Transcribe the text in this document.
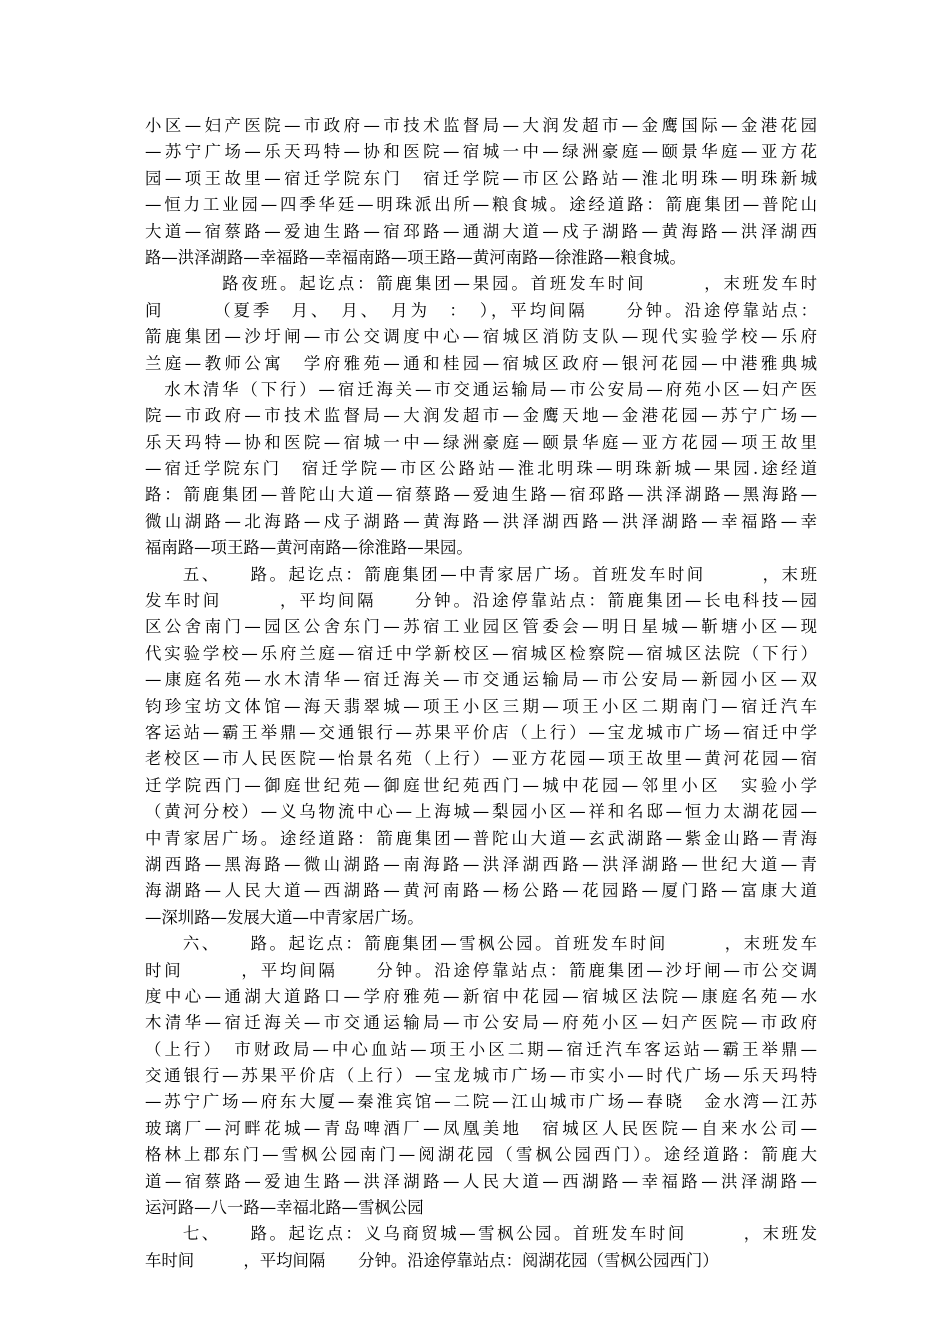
小区—妇产医院—市政府—市技术监督局—大润发超市—金鹰国际—金港花园
—苏宁广场—乐天玛特—协和医院—宿城一中—绿洲豪庭—颐景华庭—亚方花
园—项王故里—宿迁学院东门　宿迁学院—市区公路站—淮北明珠—明珠新城
—恒力工业园—四季华廷—明珠派出所—粮食城。途经道路：箭鹿集团—普陀山
大道—宿蔡路—爱迪生路—宿邳路—通湖大道—戍子湖路—黄海路—洪泽湖西
路—洪泽湖路—幸福路—幸福南路—项王路—黄河南路—徐淮路—粮食城。
　　　　路夜班。起讫点：箭鹿集团—果园。首班发车时间　　　，末班发车时
间　　　（夏季　月、　月、　月为　：　），平均间隔　　分钟。沿途停靠站点：
箭鹿集团—沙圩闸—市公交调度中心—宿城区消防支队—现代实验学校—乐府
兰庭—教师公寓　学府雅苑—通和桂园—宿城区政府—银河花园—中港雅典城
　水木清华（下行）—宿迁海关—市交通运输局—市公安局—府苑小区—妇产医
院—市政府—市技术监督局—大润发超市—金鹰天地—金港花园—苏宁广场—
乐天玛特—协和医院—宿城一中—绿洲豪庭—颐景华庭—亚方花园—项王故里
—宿迁学院东门　宿迁学院—市区公路站—淮北明珠—明珠新城—果园.途经道
路：箭鹿集团—普陀山大道—宿蔡路—爱迪生路—宿邳路—洪泽湖路—黑海路—
微山湖路—北海路—戍子湖路—黄海路—洪泽湖西路—洪泽湖路—幸福路—幸
福南路—项王路—黄河南路—徐淮路—果园。
　　五、　　路。起讫点：箭鹿集团—中青家居广场。首班发车时间　　　，末班
发车时间　　　，平均间隔　　分钟。沿途停靠站点：箭鹿集团—长电科技—园
区公舍南门—园区公舍东门—苏宿工业园区管委会—明日星城—靳塘小区—现
代实验学校—乐府兰庭—宿迁中学新校区—宿城区检察院—宿城区法院（下行）
—康庭名苑—水木清华—宿迁海关—市交通运输局—市公安局—新园小区—双
钧珍宝坊文体馆—海天翡翠城—项王小区三期—项王小区二期南门—宿迁汽车
客运站—霸王举鼎—交通银行—苏果平价店（上行）—宝龙城市广场—宿迁中学
老校区—市人民医院—怡景名苑（上行）—亚方花园—项王故里—黄河花园—宿
迁学院西门—御庭世纪苑—御庭世纪苑西门—城中花园—邻里小区　实验小学
（黄河分校）—义乌物流中心—上海城—梨园小区—祥和名邸—恒力太湖花园—
中青家居广场。途经道路：箭鹿集团—普陀山大道—玄武湖路—紫金山路—青海
湖西路—黑海路—微山湖路—南海路—洪泽湖西路—洪泽湖路—世纪大道—青
海湖路—人民大道—西湖路—黄河南路—杨公路—花园路—厦门路—富康大道
—深圳路—发展大道—中青家居广场。
　　六、　　路。起讫点：箭鹿集团—雪枫公园。首班发车时间　　　，末班发车
时间　　　，平均间隔　　分钟。沿途停靠站点：箭鹿集团—沙圩闸—市公交调
度中心—通湖大道路口—学府雅苑—新宿中花园—宿城区法院—康庭名苑—水
木清华—宿迁海关—市交通运输局—市公安局—府苑小区—妇产医院—市政府
（上行）　市财政局—中心血站—项王小区二期—宿迁汽车客运站—霸王举鼎—
交通银行—苏果平价店（上行）—宝龙城市广场—市实小—时代广场—乐天玛特
—苏宁广场—府东大厦—秦淮宾馆—二院—江山城市广场—春晓　金水湾—江苏
玻璃厂—河畔花城—青岛啤酒厂—凤凰美地　宿城区人民医院—自来水公司—
格林上郡东门—雪枫公园南门—阅湖花园（雪枫公园西门）。途经道路：箭鹿大
道—宿蔡路—爱迪生路—洪泽湖路—人民大道—西湖路—幸福路—洪泽湖路—
运河路—八一路—幸福北路—雪枫公园
　　七、　　路。起讫点：义乌商贸城—雪枫公园。首班发车时间　　　，末班发
车时间　　　，平均间隔　　分钟。沿途停靠站点：阅湖花园（雪枫公园西门）
